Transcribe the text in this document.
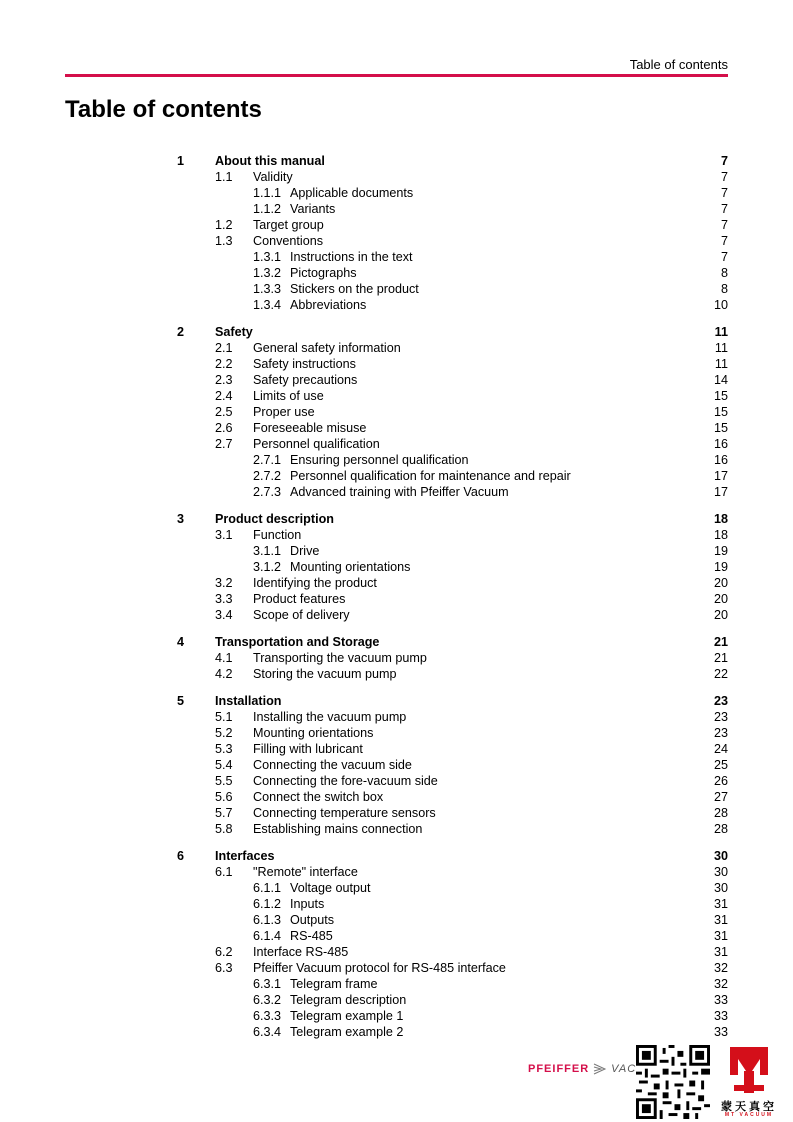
Table of contents
Table of contents
1 About this manual	7
1.1 Validity	7
1.1.1 Applicable documents	7
1.1.2 Variants	7
1.2 Target group	7
1.3 Conventions	7
1.3.1 Instructions in the text	7
1.3.2 Pictographs	8
1.3.3 Stickers on the product	8
1.3.4 Abbreviations	10
2 Safety	11
2.1 General safety information	11
2.2 Safety instructions	11
2.3 Safety precautions	14
2.4 Limits of use	15
2.5 Proper use	15
2.6 Foreseeable misuse	15
2.7 Personnel qualification	16
2.7.1 Ensuring personnel qualification	16
2.7.2 Personnel qualification for maintenance and repair	17
2.7.3 Advanced training with Pfeiffer Vacuum	17
3 Product description	18
3.1 Function	18
3.1.1 Drive	19
3.1.2 Mounting orientations	19
3.2 Identifying the product	20
3.3 Product features	20
3.4 Scope of delivery	20
4 Transportation and Storage	21
4.1 Transporting the vacuum pump	21
4.2 Storing the vacuum pump	22
5 Installation	23
5.1 Installing the vacuum pump	23
5.2 Mounting orientations	23
5.3 Filling with lubricant	24
5.4 Connecting the vacuum side	25
5.5 Connecting the fore-vacuum side	26
5.6 Connect the switch box	27
5.7 Connecting temperature sensors	28
5.8 Establishing mains connection	28
6 Interfaces	30
6.1 "Remote" interface	30
6.1.1 Voltage output	30
6.1.2 Inputs	31
6.1.3 Outputs	31
6.1.4 RS-485	31
6.2 Interface RS-485	31
6.3 Pfeiffer Vacuum protocol for RS-485 interface	32
6.3.1 Telegram frame	32
6.3.2 Telegram description	33
6.3.3 Telegram example 1	33
6.3.4 Telegram example 2	33
PFEIFFER VAC
蒙天真空
MT VACUUM
